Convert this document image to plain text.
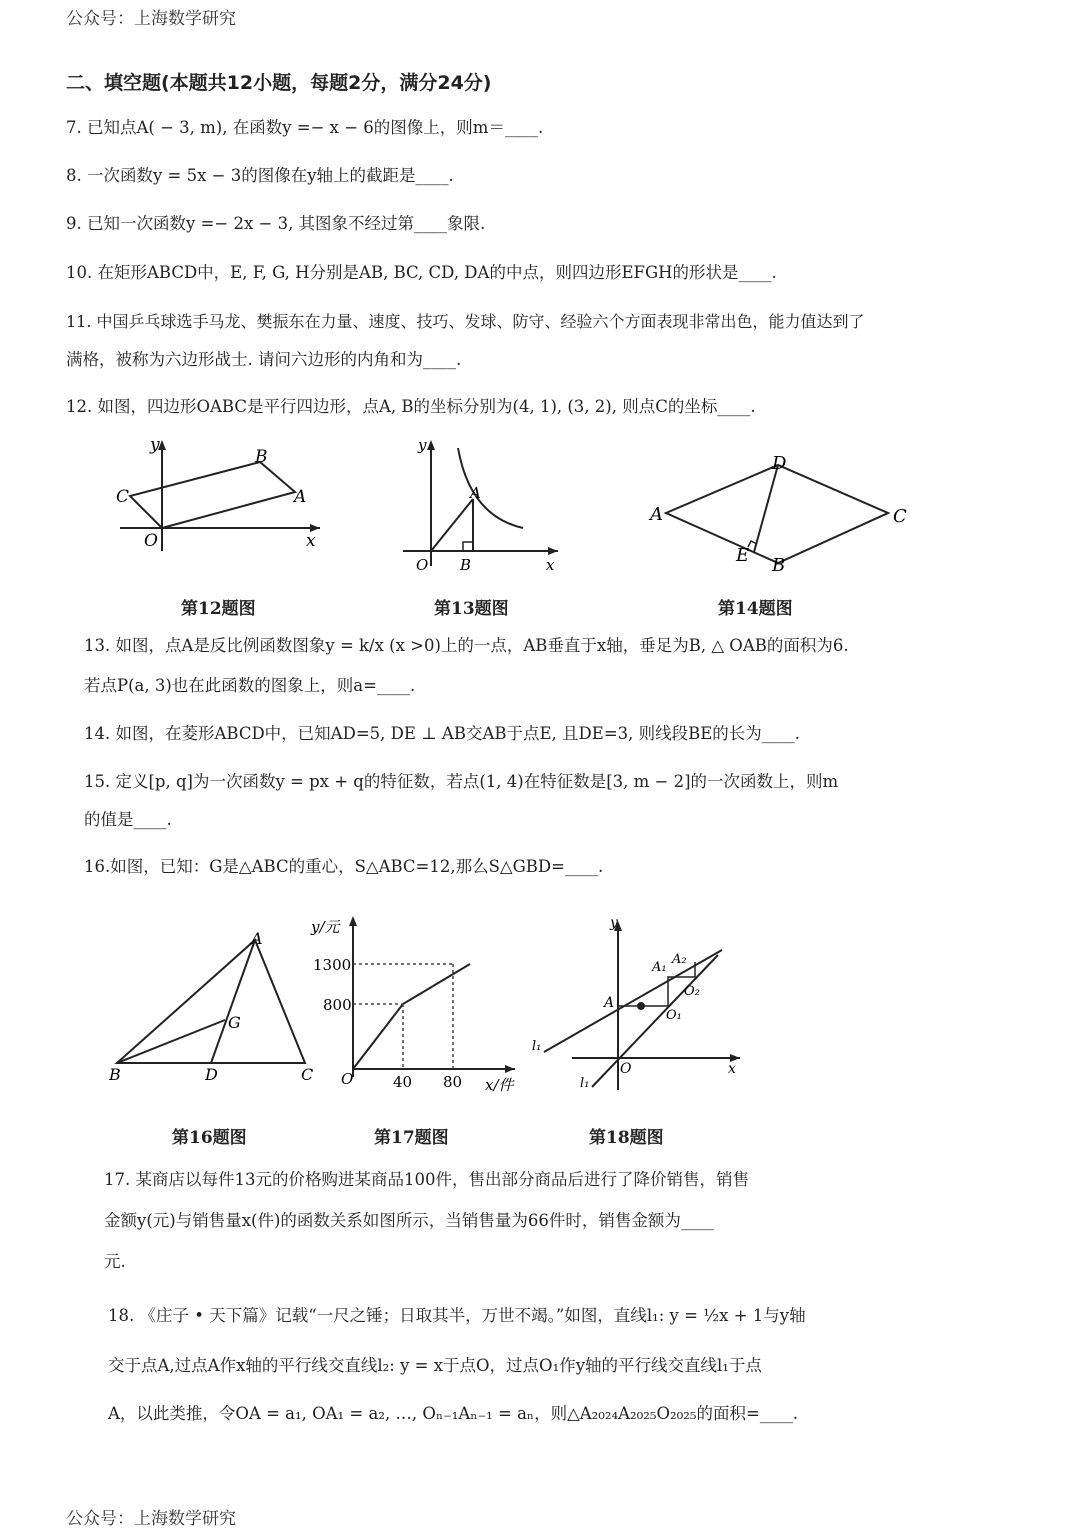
公众号：上海数学研究
二、填空题(本题共12小题，每题2分，满分24分)
7. 已知点A( − 3, m), 在函数y =− x − 6的图像上，则m＝____.
8. 一次函数y = 5x − 3的图像在y轴上的截距是____.
9. 已知一次函数y =− 2x − 3, 其图象不经过第____象限.
10. 在矩形ABCD中，E, F, G, H分别是AB, BC, CD, DA的中点，则四边形EFGH的形状是____.
11. 中国乒乓球选手马龙、樊振东在力量、速度、技巧、发球、防守、经验六个方面表现非常出色，能力值达到了
满格，被称为六边形战士. 请问六边形的内角和为____.
12. 如图，四边形OABC是平行四边形，点A, B的坐标分别为(4, 1), (3, 2), 则点C的坐标____.
y
x
O
A
B
C
y
x
O
A
B
A
D
C
E B
第12题图	第13题图	第14题图
13. 如图，点A是反比例函数图象y = k/x (x >0)上的一点，AB垂直于x轴，垂足为B, △ OAB的面积为6.
若点P(a, 3)也在此函数的图象上，则a=____.
14. 如图，在菱形ABCD中，已知AD=5, DE ⊥ AB交AB于点E, 且DE=3, 则线段BE的长为____.
15. 定义[p, q]为一次函数y = px + q的特征数，若点(1, 4)在特征数是[3, m − 2]的一次函数上，则m
的值是____.
16.如图，已知：G是△ABC的重心，S△ABC=12,那么S△GBD=____.
A
B	D	C
G
y/元
x/件
O
1300
800
40 80
y
x
O
A
A₁
A₂
O₁
O₂
l₁
l₁
第16题图	第17题图	第18题图
17. 某商店以每件13元的价格购进某商品100件，售出部分商品后进行了降价销售，销售
金额y(元)与销售量x(件)的函数关系如图所示，当销售量为66件时，销售金额为____
元.
18. 《庄子 • 天下篇》记载“一尺之锤；日取其半，万世不竭。”如图，直线l₁: y = ½x + 1与y轴
交于点A,过点A作x轴的平行线交直线l₂: y = x于点O，过点O₁作y轴的平行线交直线l₁于点
A，以此类推，令OA = a₁, OA₁ = a₂, …, Oₙ₋₁Aₙ₋₁ = aₙ，则△A₂₀₂₄A₂₀₂₅O₂₀₂₅的面积=____.
公众号：上海数学研究
